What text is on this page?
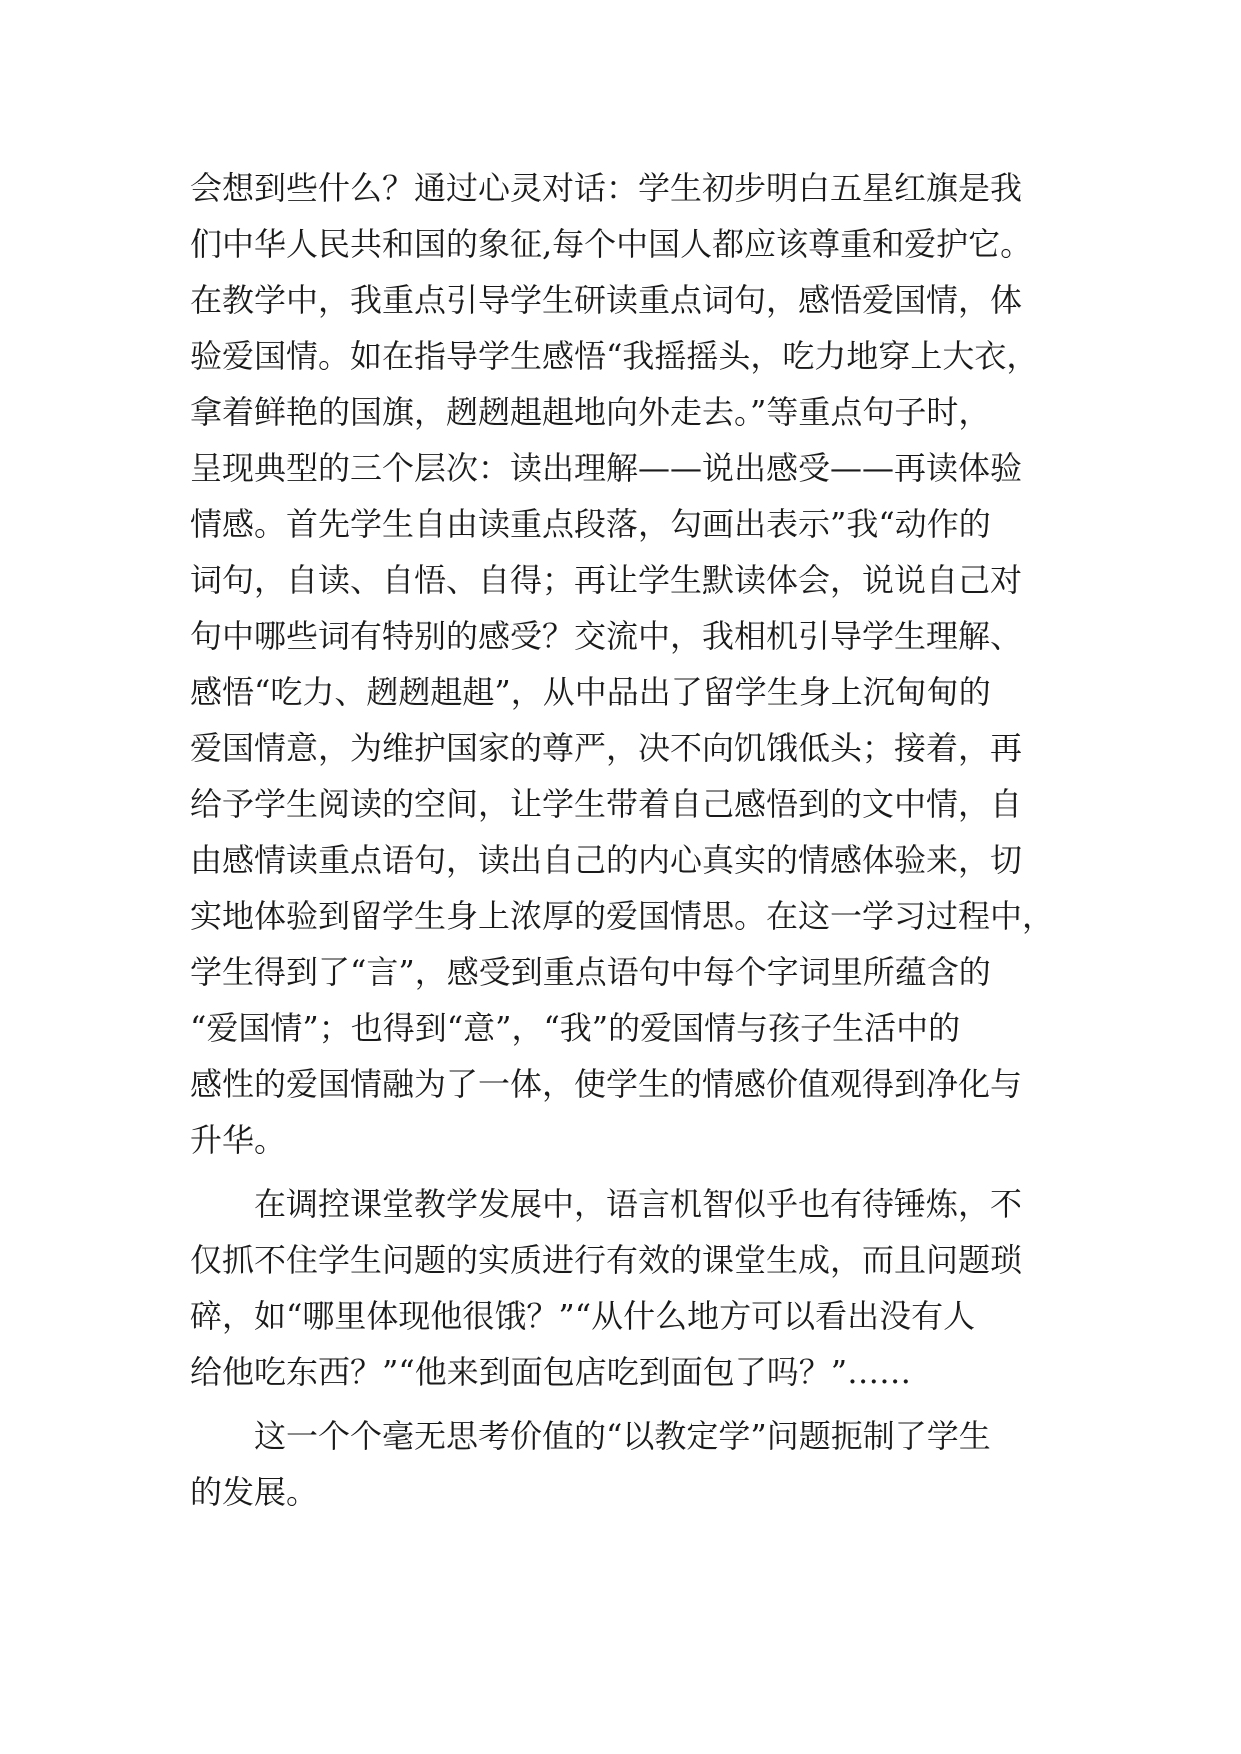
会想到些什么？通过心灵对话：学生初步明白五星红旗是我
们中华人民共和国的象征,每个中国人都应该尊重和爱护它。
在教学中，我重点引导学生研读重点词句，感悟爱国情，体
验爱国情。如在指导学生感悟“我摇摇头，吃力地穿上大衣，
拿着鲜艳的国旗，趔趔趄趄地向外走去。”等重点句子时，
呈现典型的三个层次：读出理解——说出感受——再读体验
情感。首先学生自由读重点段落，勾画出表示”我“动作的
词句，自读、自悟、自得；再让学生默读体会，说说自己对
句中哪些词有特别的感受？交流中，我相机引导学生理解、
感悟“吃力、趔趔趄趄”，从中品出了留学生身上沉甸甸的
爱国情意，为维护国家的尊严，决不向饥饿低头；接着，再
给予学生阅读的空间，让学生带着自己感悟到的文中情，自
由感情读重点语句，读出自己的内心真实的情感体验来，切
实地体验到留学生身上浓厚的爱国情思。在这一学习过程中，
学生得到了“言”，感受到重点语句中每个字词里所蕴含的
“爱国情”；也得到“意”，“我”的爱国情与孩子生活中的
感性的爱国情融为了一体，使学生的情感价值观得到净化与
升华。
在调控课堂教学发展中，语言机智似乎也有待锤炼，不
仅抓不住学生问题的实质进行有效的课堂生成，而且问题琐
碎，如“哪里体现他很饿？”“从什么地方可以看出没有人
给他吃东西？”“他来到面包店吃到面包了吗？”……
这一个个毫无思考价值的“以教定学”问题扼制了学生
的发展。
